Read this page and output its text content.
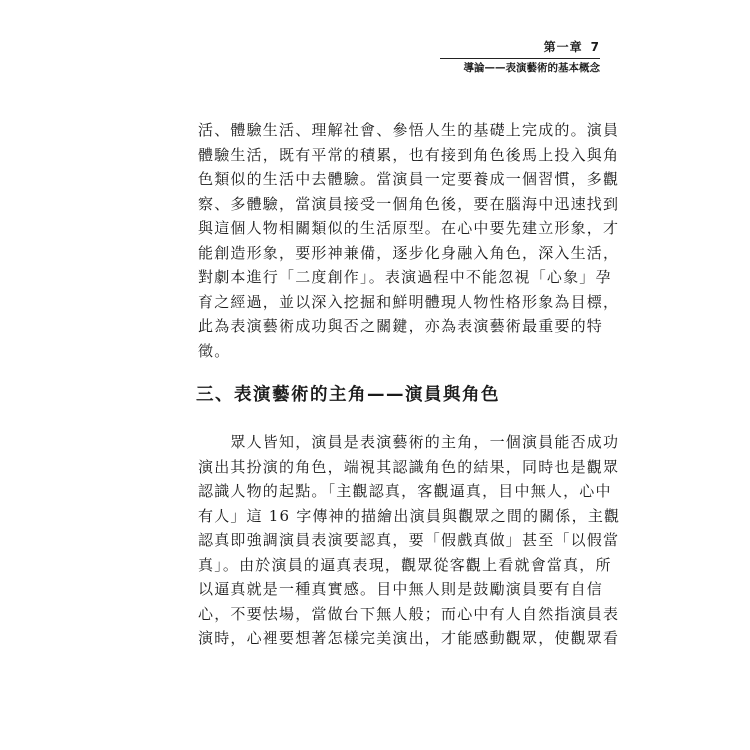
第一章 7
導論——表演藝術的基本概念

活、體驗生活、理解社會、參悟人生的基礎上完成的。演員
體驗生活，既有平常的積累，也有接到角色後馬上投入與角
色類似的生活中去體驗。當演員一定要養成一個習慣，多觀
察、多體驗，當演員接受一個角色後，要在腦海中迅速找到
與這個人物相關類似的生活原型。在心中要先建立形象，才
能創造形象，要形神兼備，逐步化身融入角色，深入生活，
對劇本進行「二度創作」。表演過程中不能忽視「心象」孕
育之經過，並以深入挖掘和鮮明體現人物性格形象為目標，
此為表演藝術成功與否之關鍵，亦為表演藝術最重要的特
徵。

三、表演藝術的主角——演員與角色

　　眾人皆知，演員是表演藝術的主角，一個演員能否成功
演出其扮演的角色，端視其認識角色的結果，同時也是觀眾
認識人物的起點。「主觀認真，客觀逼真，目中無人，心中
有人」這 16 字傳神的描繪出演員與觀眾之間的關係，主觀
認真即強調演員表演要認真，要「假戲真做」甚至「以假當
真」。由於演員的逼真表現，觀眾從客觀上看就會當真，所
以逼真就是一種真實感。目中無人則是鼓勵演員要有自信
心，不要怯場，當做台下無人般；而心中有人自然指演員表
演時，心裡要想著怎樣完美演出，才能感動觀眾，使觀眾看
